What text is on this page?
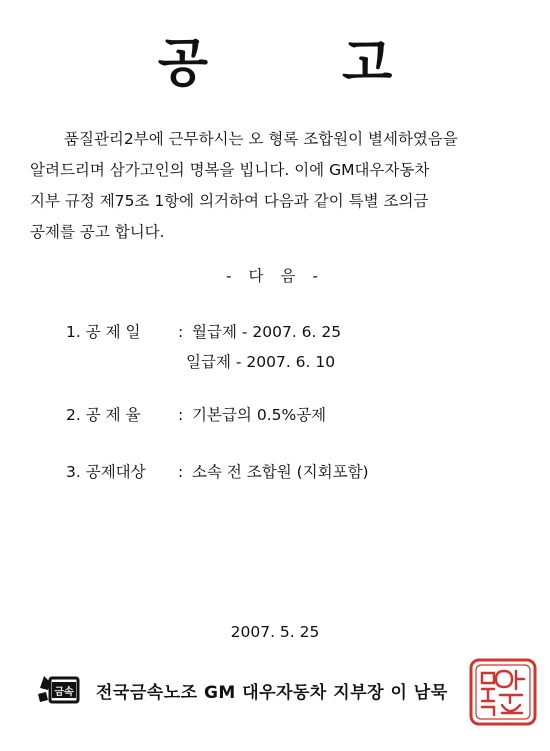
공 고
품질관리2부에 근무하시는 오 형록 조합원이 별세하였음을
알려드리며 삼가고인의 명복을 빕니다. 이에 GM대우자동차
지부 규정 제75조 1항에 의거하여 다음과 같이 특별 조의금
공제를 공고 합니다.
- 다 음 -
1. 공 제 일 : 월급제 - 2007. 6. 25
일급제 - 2007. 6. 10
2. 공 제 율 : 기본급의 0.5%공제
3. 공제대상 : 소속 전 조합원 (지회포함)
2007. 5. 25
금속 전국금속노조 GM 대우자동차 지부장 이 남묵
